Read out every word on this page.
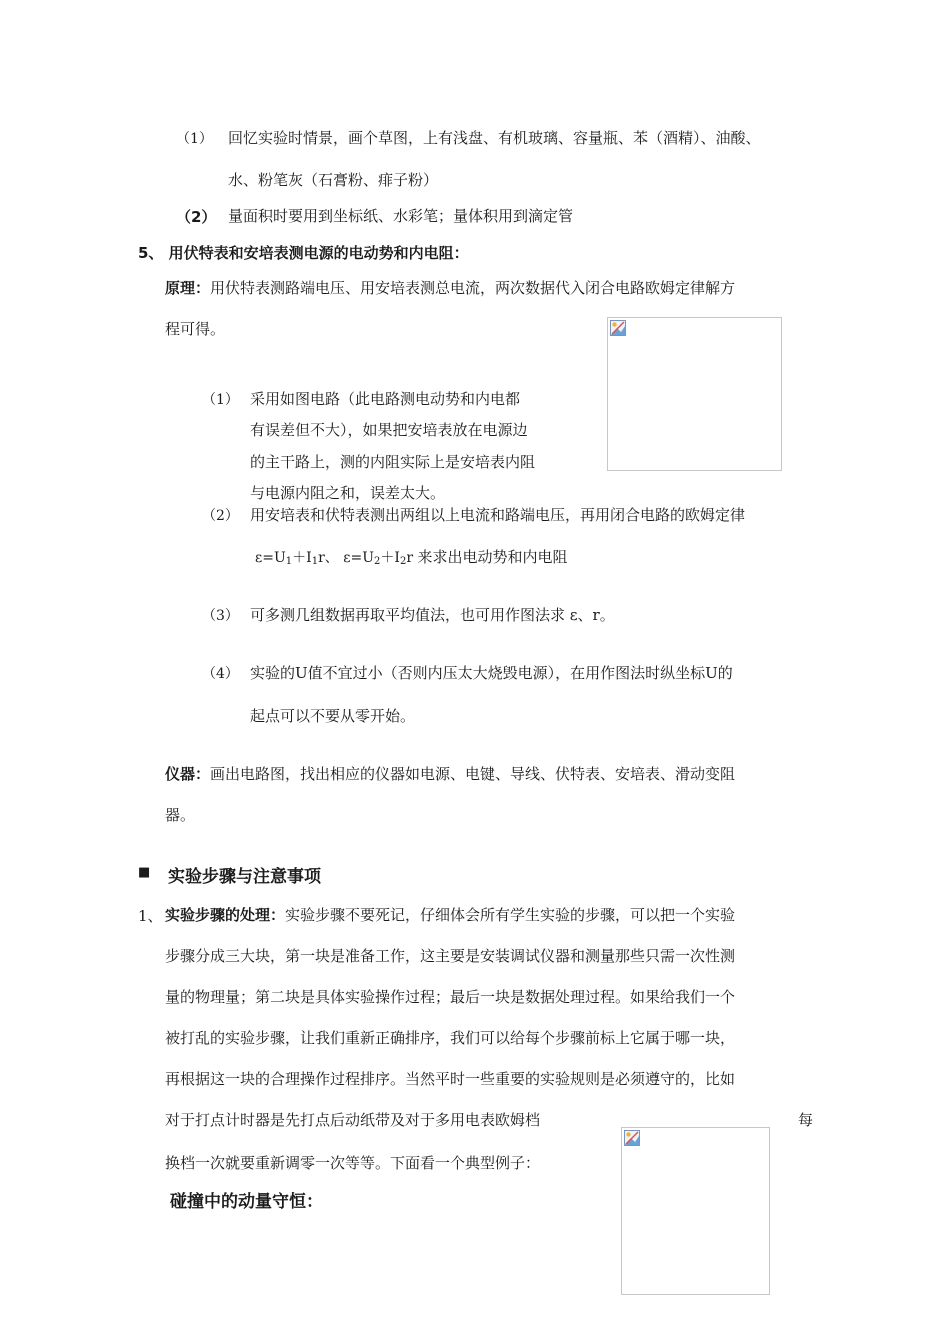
（1） 回忆实验时情景，画个草图，上有浅盘、有机玻璃、容量瓶、苯（酒精）、油酸、
水、粉笔灰（石膏粉、痱子粉）
（2） 量面积时要用到坐标纸、水彩笔；量体积用到滴定管
5、 用伏特表和安培表测电源的电动势和内电阻：
原理：用伏特表测路端电压、用安培表测总电流，两次数据代入闭合电路欧姆定律解方
程可得。
（1） 采用如图电路（此电路测电动势和内电都
有误差但不大），如果把安培表放在电源边
的主干路上，测的内阻实际上是安培表内阻
与电源内阻之和，误差太大。
（2） 用安培表和伏特表测出两组以上电流和路端电压，再用闭合电路的欧姆定律
$\varepsilon=U_1+I_1r$、 $\varepsilon=U_2+I_2r$ 来求出电动势和内电阻
（3） 可多测几组数据再取平均值法，也可用作图法求 ε、r。
（4） 实验的U值不宜过小（否则内压太大烧毁电源），在用作图法时纵坐标U的
起点可以不要从零开始。
仪器：画出电路图，找出相应的仪器如电源、电键、导线、伏特表、安培表、滑动变阻
器。
■ 实验步骤与注意事项
1、 实验步骤的处理：实验步骤不要死记，仔细体会所有学生实验的步骤，可以把一个实验
步骤分成三大块，第一块是准备工作，这主要是安装调试仪器和测量那些只需一次性测
量的物理量；第二块是具体实验操作过程；最后一块是数据处理过程。如果给我们一个
被打乱的实验步骤，让我们重新正确排序，我们可以给每个步骤前标上它属于哪一块，
再根据这一块的合理操作过程排序。当然平时一些重要的实验规则是必须遵守的，比如
对于打点计时器是先打点后动纸带及对于多用电表欧姆档	每
换档一次就要重新调零一次等等。下面看一个典型例子：
碰撞中的动量守恒：
